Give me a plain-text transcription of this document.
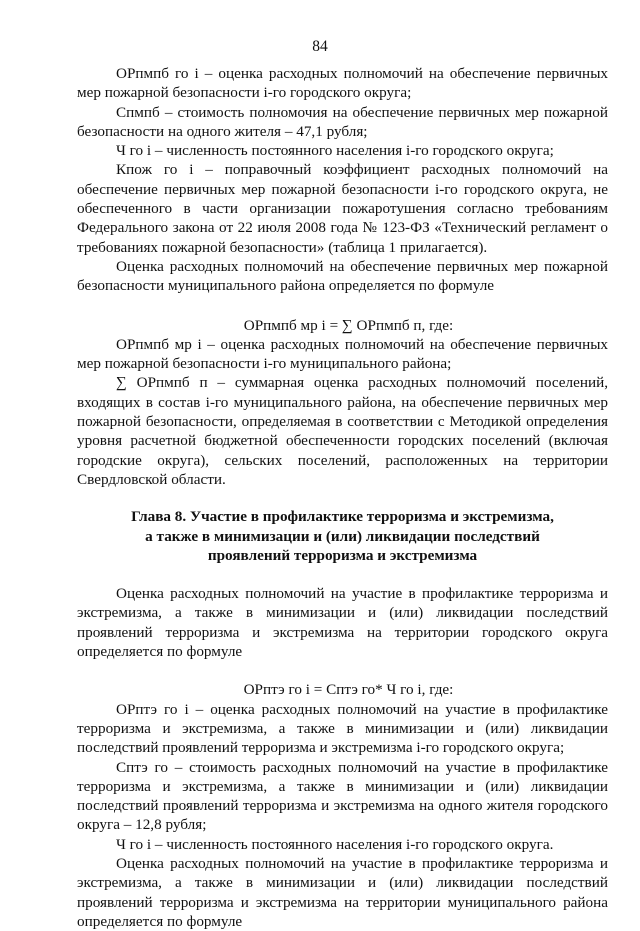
84

ОРпмпб го i – оценка расходных полномочий на обеспечение первичных мер пожарной безопасности i-го городского округа;

Спмпб – стоимость полномочия на обеспечение первичных мер пожарной безопасности на одного жителя – 47,1 рубля;

Ч го i – численность постоянного населения i-го городского округа;

Кпож го i – поправочный коэффициент расходных полномочий на обеспечение первичных мер пожарной безопасности i-го городского округа, не обеспеченного в части организации пожаротушения согласно требованиям Федерального закона от 22 июля 2008 года № 123-ФЗ «Технический регламент о требованиях пожарной безопасности» (таблица 1 прилагается).

Оценка расходных полномочий на обеспечение первичных мер пожарной безопасности муниципального района определяется по формуле

ОРпмпб мр i = ∑ ОРпмпб п, где:

ОРпмпб мр i – оценка расходных полномочий на обеспечение первичных мер пожарной безопасности i-го муниципального района;

∑ ОРпмпб п – суммарная оценка расходных полномочий поселений, входящих в состав i-го муниципального района, на обеспечение первичных мер пожарной безопасности, определяемая в соответствии с Методикой определения уровня расчетной бюджетной обеспеченности городских поселений (включая городские округа), сельских поселений, расположенных на территории Свердловской области.

Глава 8. Участие в профилактике терроризма и экстремизма,

а также в минимизации и (или) ликвидации последствий

проявлений терроризма и экстремизма

Оценка расходных полномочий на участие в профилактике терроризма и экстремизма, а также в минимизации и (или) ликвидации последствий проявлений терроризма и экстремизма на территории городского округа определяется по формуле

ОРптэ го i = Сптэ го* Ч го i, где:

ОРптэ го i – оценка расходных полномочий на участие в профилактике терроризма и экстремизма, а также в минимизации и (или) ликвидации последствий проявлений терроризма и экстремизма i-го городского округа;

Сптэ го – стоимость расходных полномочий на участие в профилактике терроризма и экстремизма, а также в минимизации и (или) ликвидации последствий проявлений терроризма и экстремизма на одного жителя городского округа – 12,8 рубля;

Ч го i – численность постоянного населения i-го городского округа.

Оценка расходных полномочий на участие в профилактике терроризма и экстремизма, а также в минимизации и (или) ликвидации последствий проявлений терроризма и экстремизма на территории муниципального района определяется по формуле
